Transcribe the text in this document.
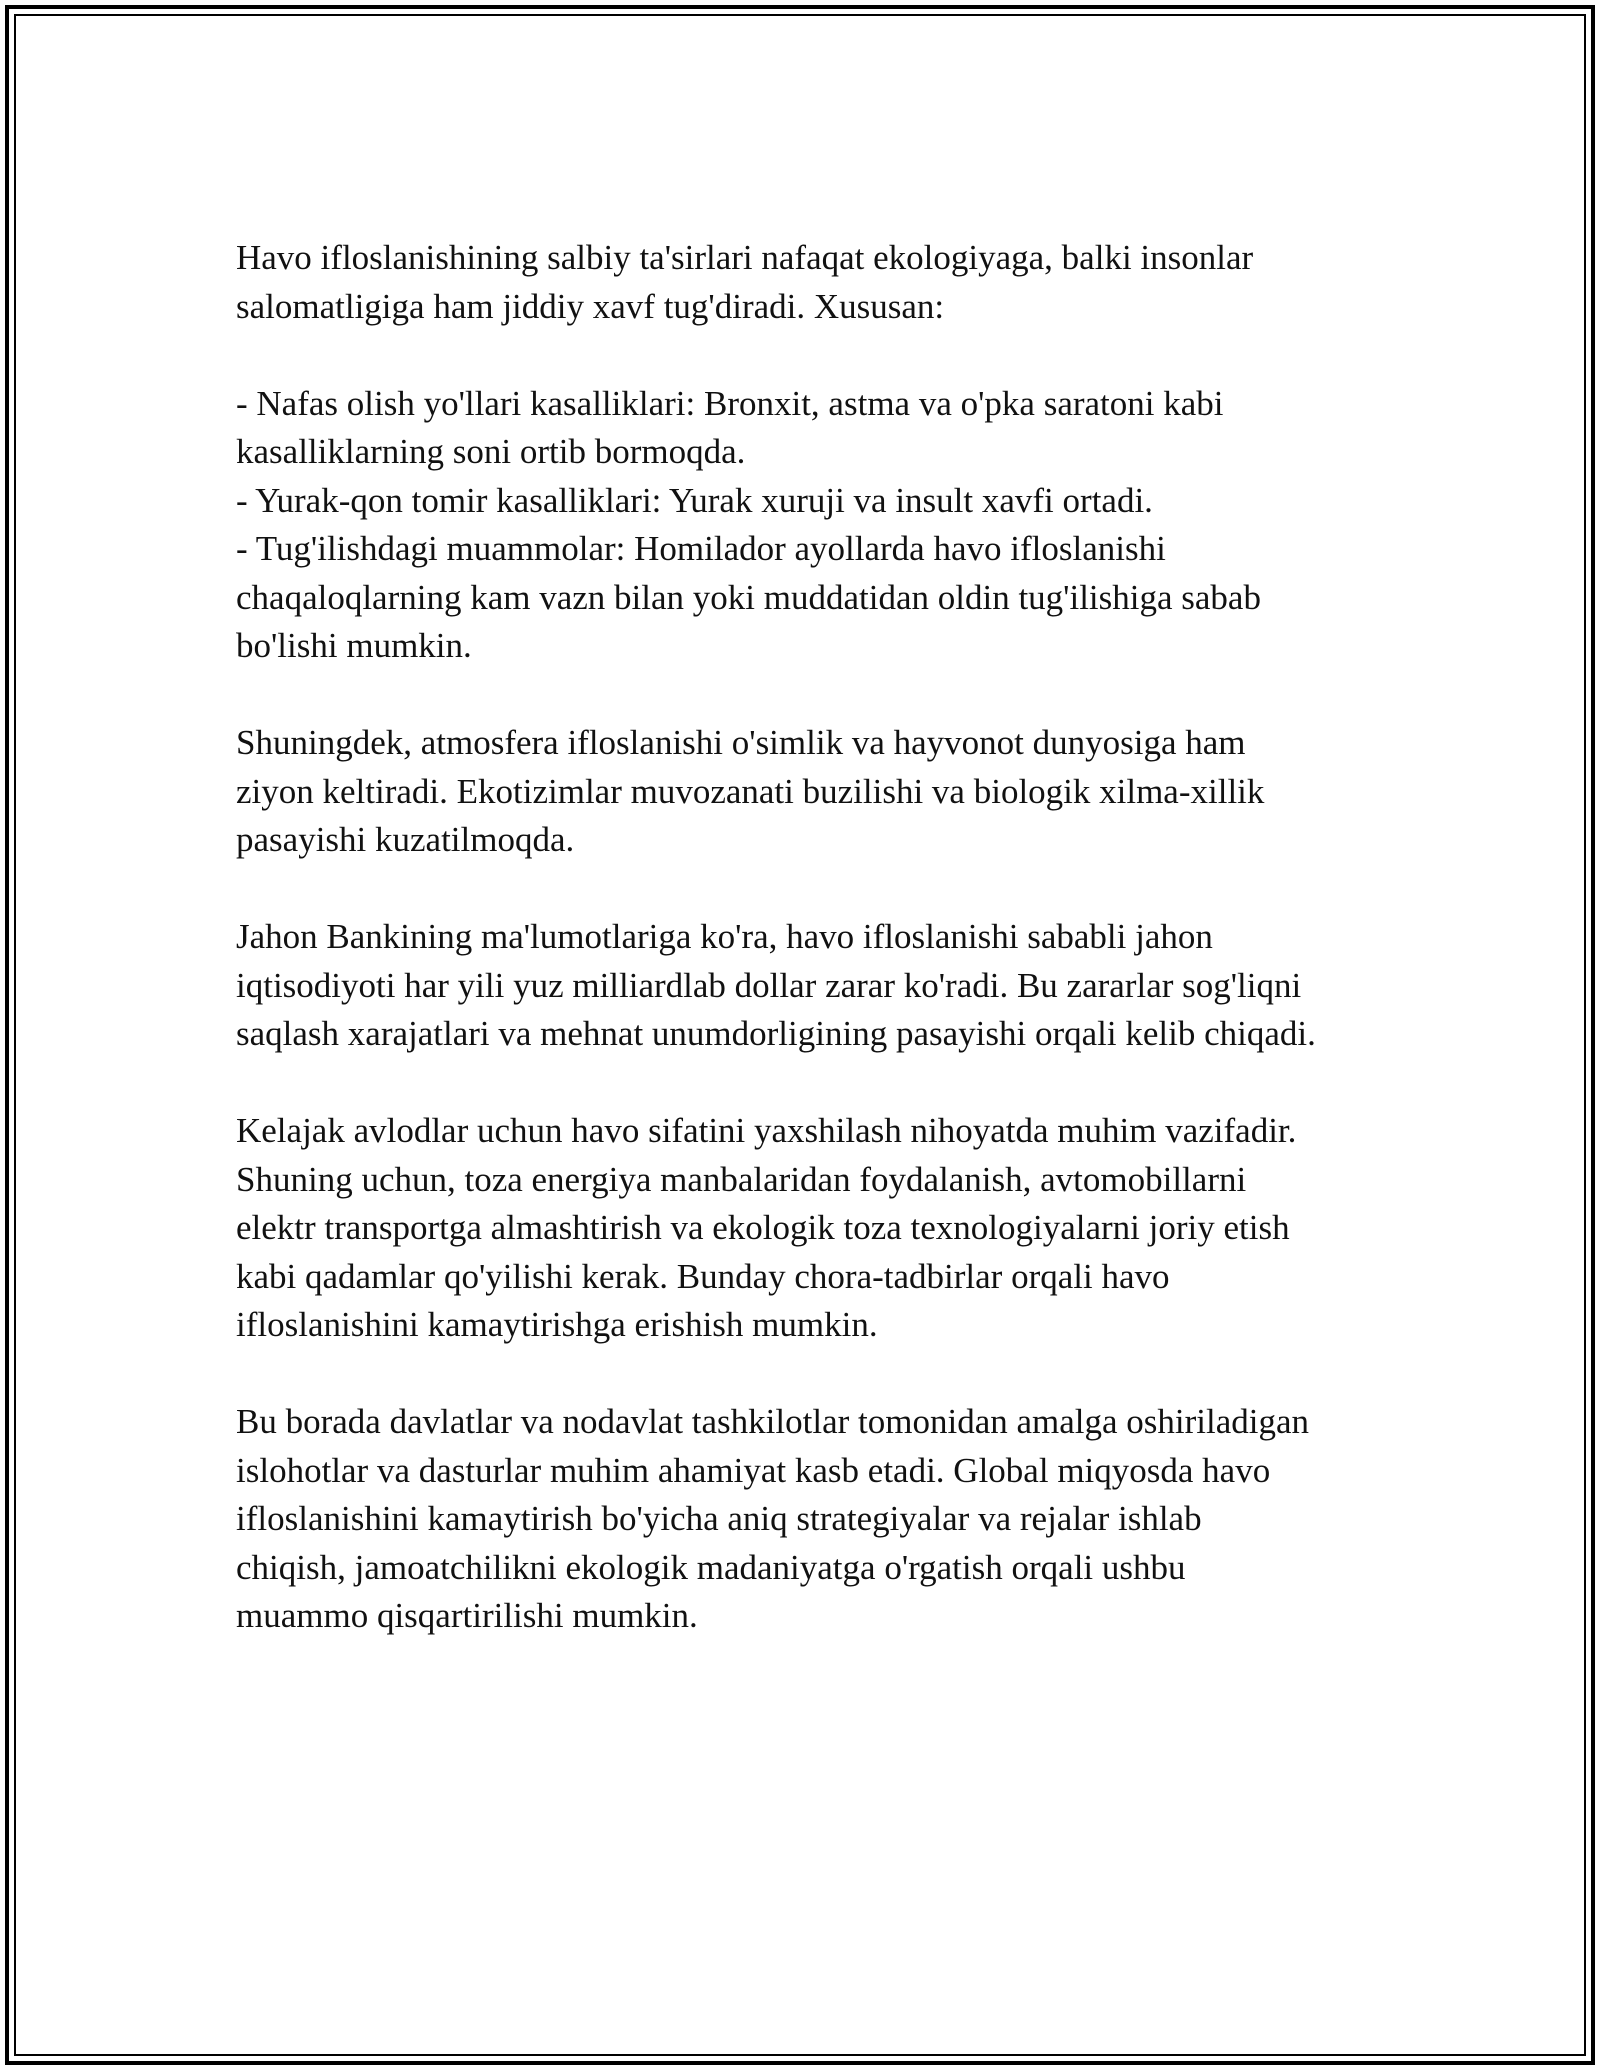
Havo ifloslanishining salbiy ta'sirlari nafaqat ekologiyaga, balki insonlar
salomatligiga ham jiddiy xavf tug'diradi. Xususan:

- Nafas olish yo'llari kasalliklari: Bronxit, astma va o'pka saratoni kabi
kasalliklarning soni ortib bormoqda.
- Yurak-qon tomir kasalliklari: Yurak xuruji va insult xavfi ortadi.
- Tug'ilishdagi muammolar: Homilador ayollarda havo ifloslanishi
chaqaloqlarning kam vazn bilan yoki muddatidan oldin tug'ilishiga sabab
bo'lishi mumkin.

Shuningdek, atmosfera ifloslanishi o'simlik va hayvonot dunyosiga ham
ziyon keltiradi. Ekotizimlar muvozanati buzilishi va biologik xilma-xillik
pasayishi kuzatilmoqda.

Jahon Bankining ma'lumotlariga ko'ra, havo ifloslanishi sababli jahon
iqtisodiyoti har yili yuz milliardlab dollar zarar ko'radi. Bu zararlar sog'liqni
saqlash xarajatlari va mehnat unumdorligining pasayishi orqali kelib chiqadi.

Kelajak avlodlar uchun havo sifatini yaxshilash nihoyatda muhim vazifadir.
Shuning uchun, toza energiya manbalaridan foydalanish, avtomobillarni
elektr transportga almashtirish va ekologik toza texnologiyalarni joriy etish
kabi qadamlar qo'yilishi kerak. Bunday chora-tadbirlar orqali havo
ifloslanishini kamaytirishga erishish mumkin.

Bu borada davlatlar va nodavlat tashkilotlar tomonidan amalga oshiriladigan
islohotlar va dasturlar muhim ahamiyat kasb etadi. Global miqyosda havo
ifloslanishini kamaytirish bo'yicha aniq strategiyalar va rejalar ishlab
chiqish, jamoatchilikni ekologik madaniyatga o'rgatish orqali ushbu
muammo qisqartirilishi mumkin.
